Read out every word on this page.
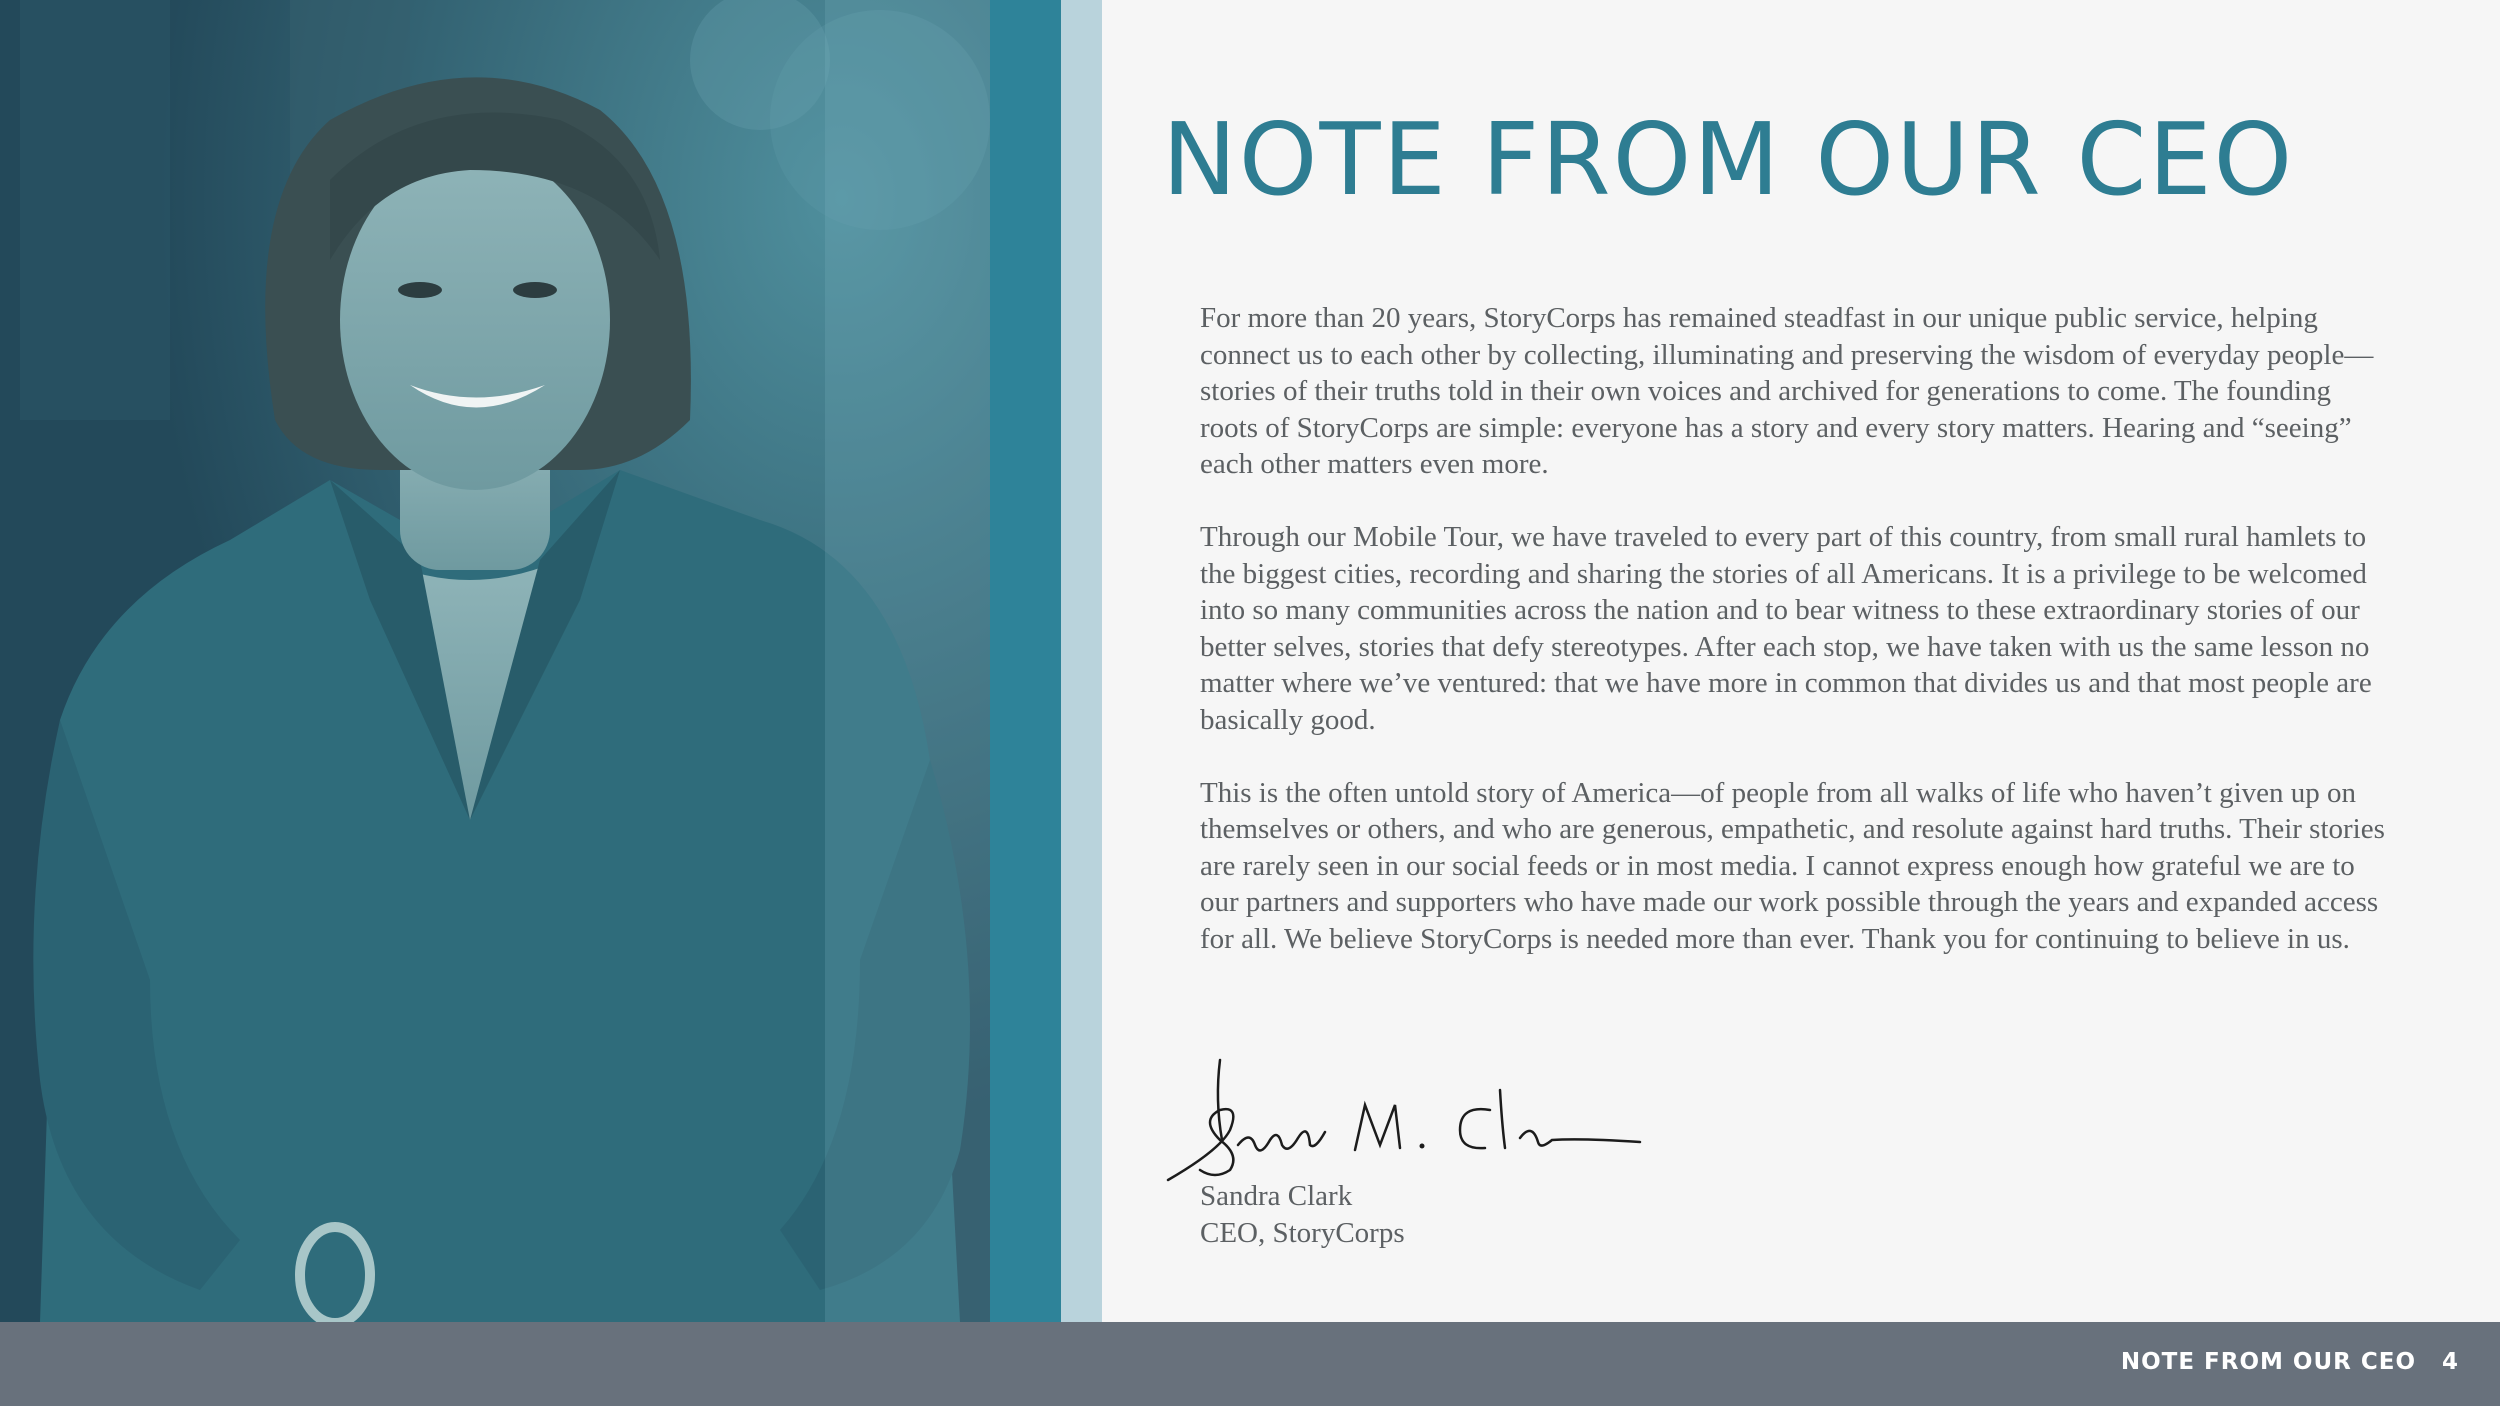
NOTE FROM OUR CEO

For more than 20 years, StoryCorps has remained steadfast in our unique public service, helping connect us to each other by collecting, illuminating and preserving the wisdom of everyday people—stories of their truths told in their own voices and archived for generations to come. The founding roots of StoryCorps are simple: everyone has a story and every story matters. Hearing and “seeing” each other matters even more.

Through our Mobile Tour, we have traveled to every part of this country, from small rural hamlets to the biggest cities, recording and sharing the stories of all Americans. It is a privilege to be welcomed into so many communities across the nation and to bear witness to these extraordinary stories of our better selves, stories that defy stereotypes. After each stop, we have taken with us the same lesson no matter where we’ve ventured: that we have more in common that divides us and that most people are basically good.

This is the often untold story of America—of people from all walks of life who haven’t given up on themselves or others, and who are generous, empathetic, and resolute against hard truths. Their stories are rarely seen in our social feeds or in most media. I cannot express enough how grateful we are to our partners and supporters who have made our work possible through the years and expanded access for all. We believe StoryCorps is needed more than ever. Thank you for continuing to believe in us.

Sandra Clark
CEO, StoryCorps
NOTE FROM OUR CEO 4
